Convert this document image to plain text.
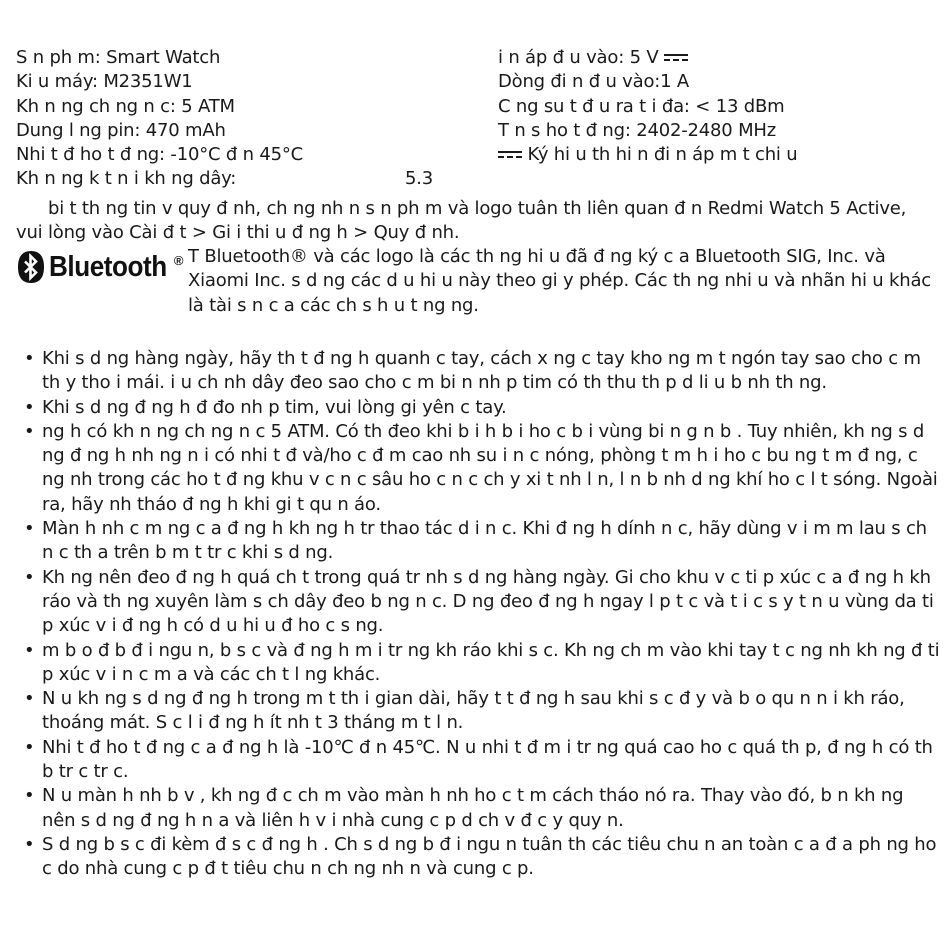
S n ph m: Smart Watch
Ki u máy: M2351W1
Kh n ng ch ng n c: 5 ATM
Dung l ng pin: 470 mAh
Nhi t đ ho t đ ng: -10°C đ n 45°C
Kh n ng k t n i kh ng dây:	5.3
i n áp đ u vào: 5 V
Dòng đi n đ u vào:1 A
C ng su t đ u ra t i đa: < 13 dBm
T n s ho t đ ng: 2402-2480 MHz
Ký hi u th hi n đi n áp m t chi u
bi t th ng tin v quy đ nh, ch ng nh n s n ph m và logo tuân th liên quan đ n Redmi Watch 5 Active, vui lòng vào Cài đ t > Gi i thi u đ ng h > Quy đ nh.
Bluetooth ® T Bluetooth® và các logo là các th ng hi u đã đ ng ký c a Bluetooth SIG, Inc. và Xiaomi Inc. s d ng các d u hi u này theo gi y phép. Các th ng nhi u và nhãn hi u khác là tài s n c a các ch s h u t ng ng.
• Khi s d ng hàng ngày, hãy th t đ ng h quanh c tay, cách x ng c tay kho ng m t ngón tay sao cho c m th y tho i mái. i u ch nh dây đeo sao cho c m bi n nh p tim có th thu th p d li u b nh th ng.
• Khi s d ng đ ng h đ đo nh p tim, vui lòng gi yên c tay.
• ng h có kh n ng ch ng n c 5 ATM. Có th đeo khi b i h b i ho c b i vùng bi n g n b . Tuy nhiên, kh ng s d ng đ ng h nh ng n i có nhi t đ và/ho c đ m cao nh su i n c nóng, phòng t m h i ho c bu ng t m đ ng, c ng nh trong các ho t đ ng khu v c n c sâu ho c n c ch y xi t nh l n, l n b nh d ng khí ho c l t sóng. Ngoài ra, hãy nh tháo đ ng h khi gi t qu n áo.
• Màn h nh c m ng c a đ ng h kh ng h tr thao tác d i n c. Khi đ ng h dính n c, hãy dùng v i m m lau s ch n c th a trên b m t tr c khi s d ng.
• Kh ng nên đeo đ ng h quá ch t trong quá tr nh s d ng hàng ngày. Gi cho khu v c ti p xúc c a đ ng h kh ráo và th ng xuyên làm s ch dây đeo b ng n c. D ng đeo đ ng h ngay l p t c và t i c s y t n u vùng da ti p xúc v i đ ng h có d u hi u đ ho c s ng.
• m b o đ b đ i ngu n, b s c và đ ng h m i tr ng kh ráo khi s c. Kh ng ch m vào khi tay t c ng nh kh ng đ ti p xúc v i n c m a và các ch t l ng khác.
• N u kh ng s d ng đ ng h trong m t th i gian dài, hãy t t đ ng h sau khi s c đ y và b o qu n n i kh ráo, thoáng mát. S c l i đ ng h ít nh t 3 tháng m t l n.
• Nhi t đ ho t đ ng c a đ ng h là -10℃ đ n 45℃. N u nhi t đ m i tr ng quá cao ho c quá th p, đ ng h có th b tr c tr c.
• N u màn h nh b v , kh ng đ c ch m vào màn h nh ho c t m cách tháo nó ra. Thay vào đó, b n kh ng nên s d ng đ ng h n a và liên h v i nhà cung c p d ch v đ c y quy n.
• S d ng b s c đi kèm đ s c đ ng h . Ch s d ng b đ i ngu n tuân th các tiêu chu n an toàn c a đ a ph ng ho c do nhà cung c p đ t tiêu chu n ch ng nh n và cung c p.
